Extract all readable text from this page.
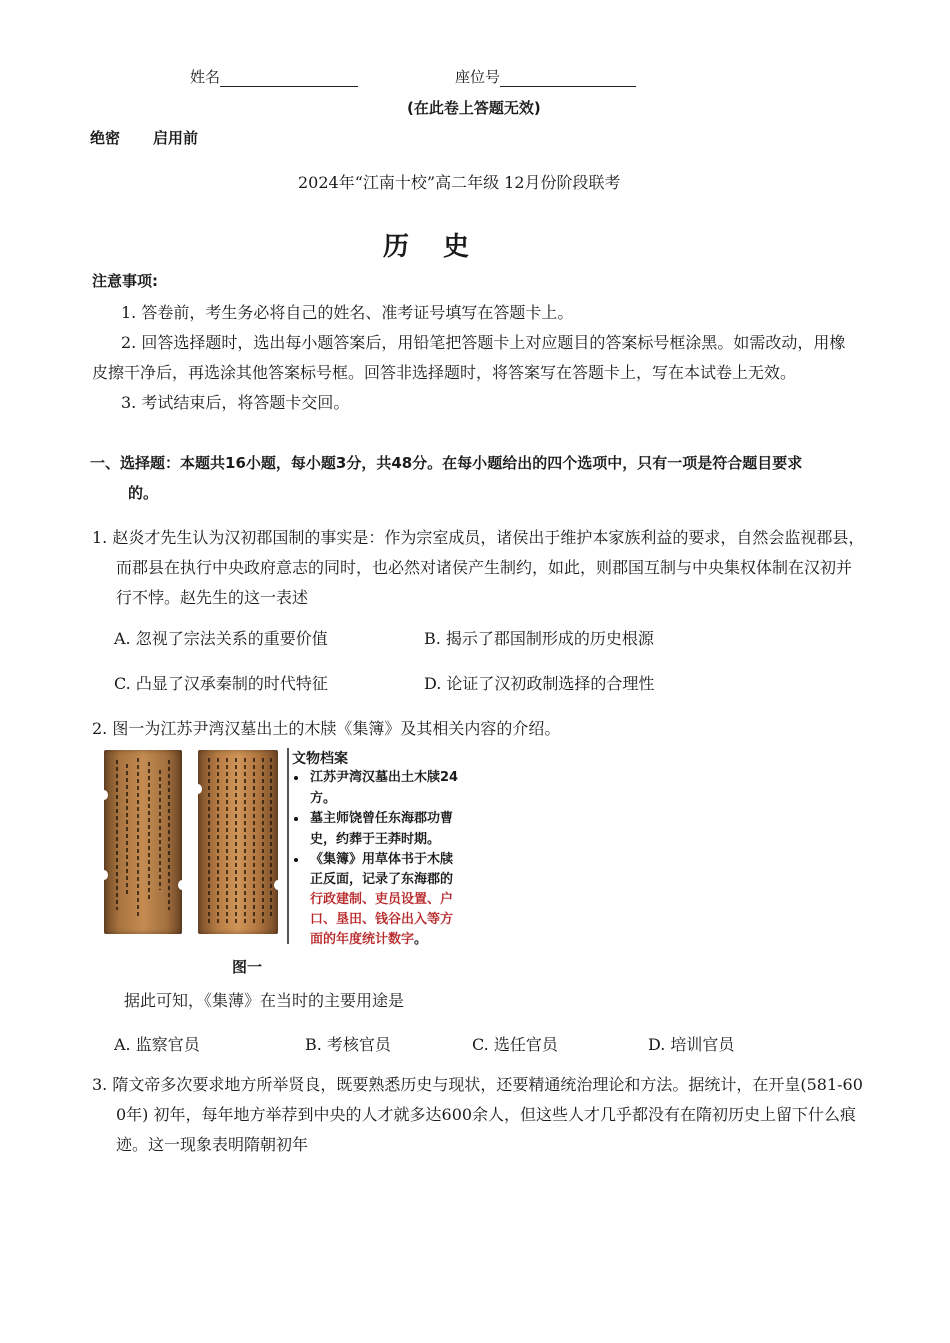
姓名	座位号
(在此卷上答题无效)
绝密 启用前
2024年“江南十校”高二年级 12月份阶段联考
历　史
注意事项:
1. 答卷前，考生务必将自己的姓名、准考证号填写在答题卡上。
2. 回答选择题时，选出每小题答案后，用铅笔把答题卡上对应题目的答案标号框涂黑。如需改动，用橡
皮擦干净后，再选涂其他答案标号框。回答非选择题时，将答案写在答题卡上，写在本试卷上无效。
3. 考试结束后，将答题卡交回。
一、选择题：本题共16小题，每小题3分，共48分。在每小题给出的四个选项中，只有一项是符合题目要求
的。
1. 赵炎才先生认为汉初郡国制的事实是：作为宗室成员，诸侯出于维护本家族利益的要求，自然会监视郡县，
而郡县在执行中央政府意志的同时，也必然对诸侯产生制约，如此，则郡国互制与中央集权体制在汉初并
行不悖。赵先生的这一表述
A. 忽视了宗法关系的重要价值	B. 揭示了郡国制形成的历史根源
C. 凸显了汉承秦制的时代特征	D. 论证了汉初政制选择的合理性
2. 图一为江苏尹湾汉墓出土的木牍《集簿》及其相关内容的介绍。
文物档案
江苏尹湾汉墓出土木牍24
方。
墓主师饶曾任东海郡功曹
史，约葬于王莽时期。
《集簿》用草体书于木牍
正反面，记录了东海郡的
行政建制、吏员设置、户
口、垦田、钱谷出入等方
面的年度统计数字。
图一
据此可知，《集薄》在当时的主要用途是
A. 监察官员	B. 考核官员	C. 选任官员	D. 培训官员
3. 隋文帝多次要求地方所举贤良，既要熟悉历史与现状，还要精通统治理论和方法。据统计，在开皇(581-60
0年) 初年，每年地方举荐到中央的人才就多达600余人，但这些人才几乎都没有在隋初历史上留下什么痕
迹。这一现象表明隋朝初年
